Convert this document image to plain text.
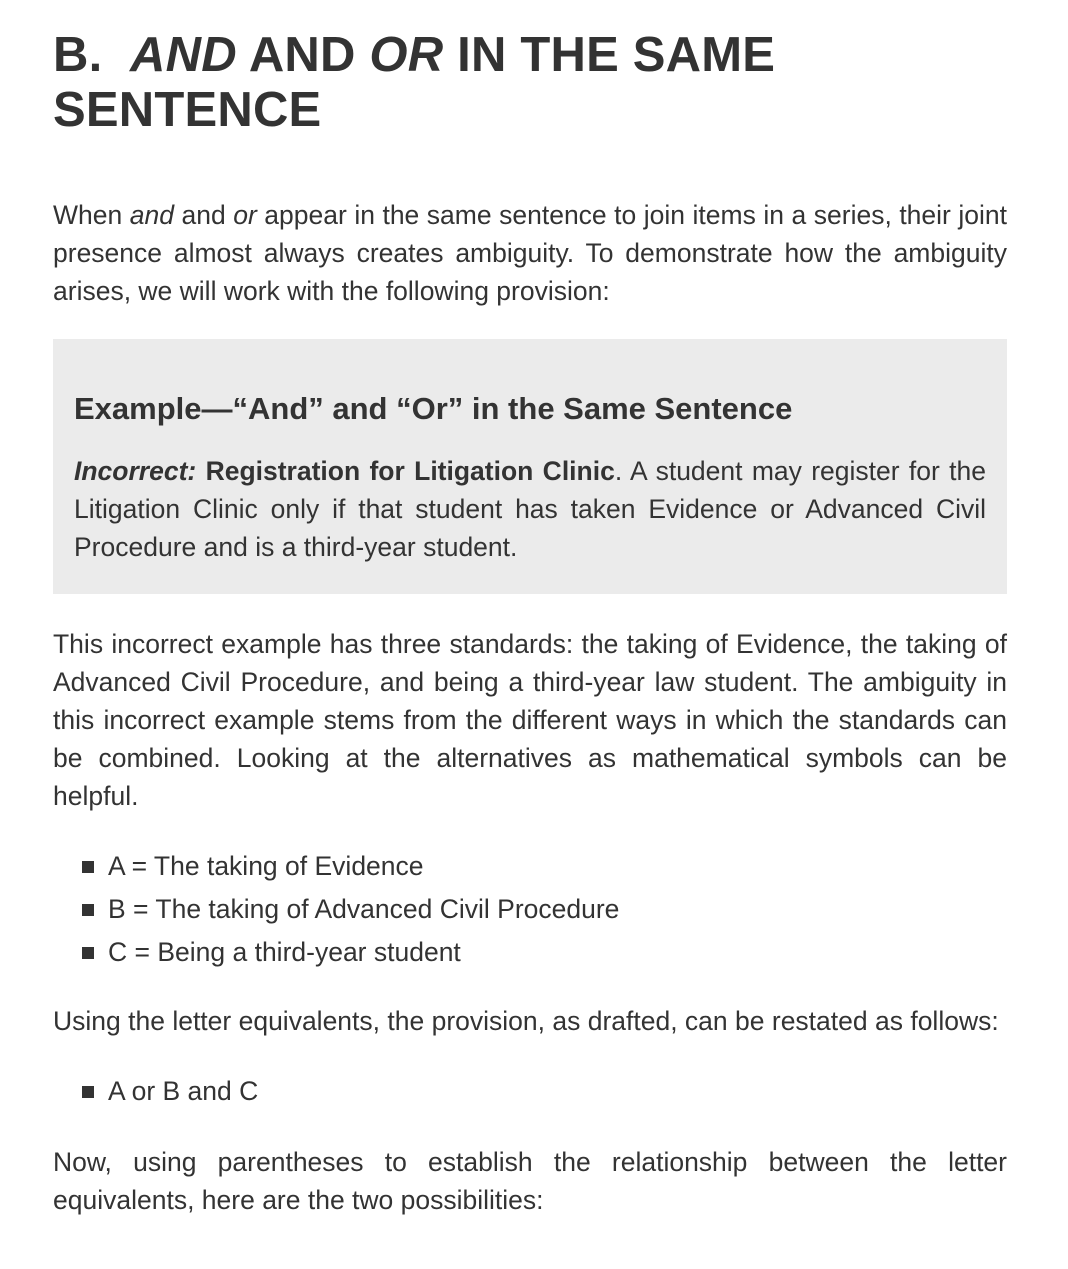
B. AND AND OR IN THE SAME SENTENCE

When and and or appear in the same sentence to join items in a series, their joint presence almost always creates ambiguity. To demonstrate how the ambiguity arises, we will work with the following provision:

Example—“And” and “Or” in the Same Sentence

Incorrect: Registration for Litigation Clinic. A student may register for the Litigation Clinic only if that student has taken Evidence or Advanced Civil Procedure and is a third-year student.

This incorrect example has three standards: the taking of Evidence, the taking of Advanced Civil Procedure, and being a third-year law student. The ambiguity in this incorrect example stems from the different ways in which the standards can be combined. Looking at the alternatives as mathematical symbols can be helpful.

A = The taking of Evidence
B = The taking of Advanced Civil Procedure
C = Being a third-year student

Using the letter equivalents, the provision, as drafted, can be restated as follows:

A or B and C

Now, using parentheses to establish the relationship between the letter equivalents, here are the two possibilities:
